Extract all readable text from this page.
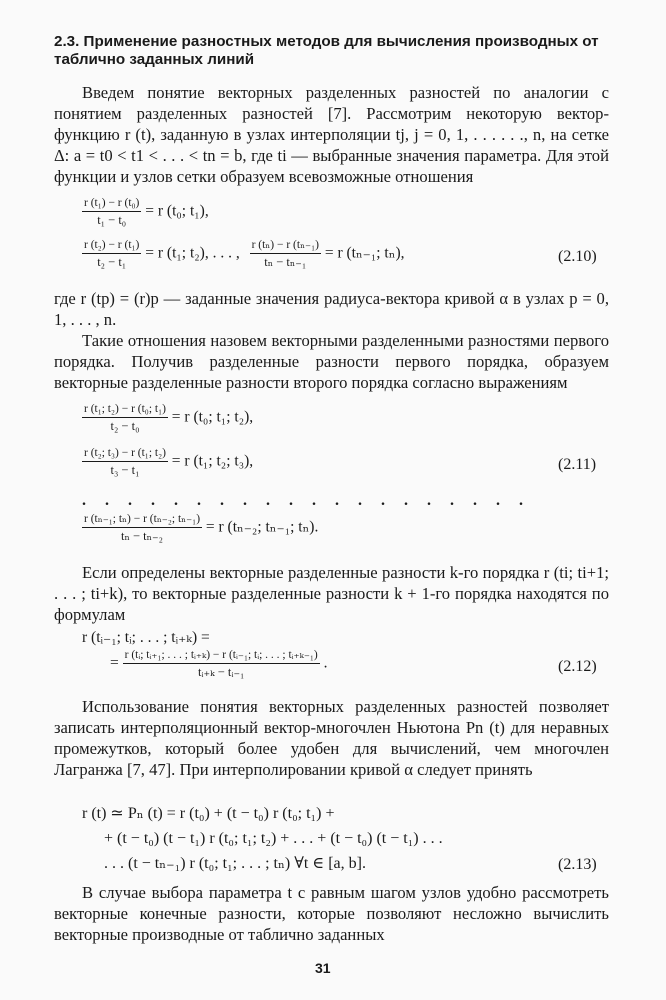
2.3. Применение разностных методов для вычисления производных от таблично заданных линий
Введем понятие векторных разделенных разностей по аналогии с понятием разделенных разностей [7]. Рассмотрим некоторую вектор-функцию r (t), заданную в узлах интерполяции tj, j = 0, 1, . . . . . ., n, на сетке Δ: a = t0 < t1 < . . . < tn = b, где ti — выбранные значения параметра. Для этой функции и узлов сетки образуем всевозможные отношения
$\frac{\text{r (t₁) − r (t₀)}}{\text{t₁ − t₀}} = r$ (t₀; t₁),
$\frac{\text{r (t₂) − r (t₁)}}{\text{t₂ − t₁}} = r$ (t₁; t₂), . . . , $\frac{\text{r (tₙ) − r (tₙ₋₁)}}{\text{tₙ − tₙ₋₁}} = r$ (tₙ₋₁; tₙ),	(2.10)
где r (tp) = (r)p — заданные значения радиуса-вектора кривой α в узлах p = 0, 1, . . . , n.
Такие отношения назовем векторными разделенными разностями первого порядка. Получив разделенные разности первого порядка, образуем векторные разделенные разности второго порядка согласно выражениям
$\frac{\text{r (t₁; t₂) − r (t₀; t₁)}}{\text{t₂ − t₀}} = r$ (t₀; t₁; t₂),
$\frac{\text{r (t₂; t₃) − r (t₁; t₂)}}{\text{t₃ − t₁}} = r$ (t₁; t₂; t₃),	(2.11)
. . . . . . . . . . . . . . . . . . . .
$\frac{\text{r (tₙ₋₁; tₙ) − r (tₙ₋₂; tₙ₋₁)}}{\text{tₙ − tₙ₋₂}} = r$ (tₙ₋₂; tₙ₋₁; tₙ).
Если определены векторные разделенные разности k-го порядка r (ti; ti+1; . . . ; ti+k), то векторные разделенные разности k + 1-го порядка находятся по формулам
r (tᵢ₋₁; tᵢ; . . . ; tᵢ₊ₖ) =
= r (tᵢ; tᵢ₊₁; . . . ; tᵢ₊ₖ) − r (tᵢ₋₁; tᵢ; . . . ; tᵢ₊ₖ₋₁)
tᵢ₊ₖ − tᵢ₋₁
.	(2.12)
Использование понятия векторных разделенных разностей позволяет записать интерполяционный вектор-многочлен Ньютона Pn (t) для неравных промежутков, который более удобен для вычислений, чем многочлен Лагранжа [7, 47]. При интерполировании кривой α следует принять
r (t) ≃ Pₙ (t) = r (t₀) + (t − t₀) r (t₀; t₁) +
+ (t − t₀) (t − t₁) r (t₀; t₁; t₂) + . . . + (t − t₀) (t − t₁) . . .
. . . (t − tₙ₋₁) r (t₀; t₁; . . . ; tₙ) ∀t ∈ [a, b].	(2.13)
В случае выбора параметра t с равным шагом узлов удобно рассмотреть векторные конечные разности, которые позволяют несложно вычислить векторные производные от таблично заданных
31
